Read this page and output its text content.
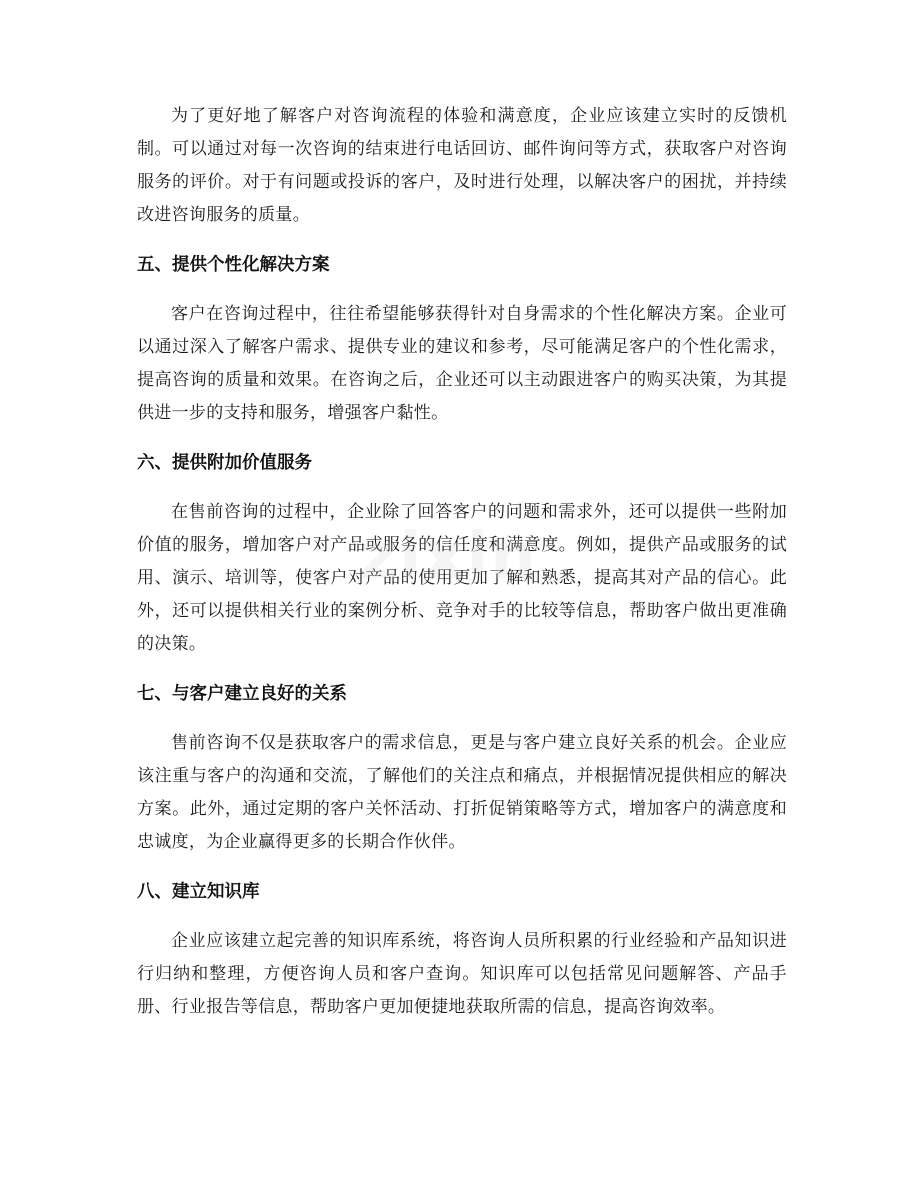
为了更好地了解客户对咨询流程的体验和满意度，企业应该建立实时的反馈机制。可以通过对每一次咨询的结束进行电话回访、邮件询问等方式，获取客户对咨询服务的评价。对于有问题或投诉的客户，及时进行处理，以解决客户的困扰，并持续改进咨询服务的质量。

五、提供个性化解决方案

客户在咨询过程中，往往希望能够获得针对自身需求的个性化解决方案。企业可以通过深入了解客户需求、提供专业的建议和参考，尽可能满足客户的个性化需求，提高咨询的质量和效果。在咨询之后，企业还可以主动跟进客户的购买决策，为其提供进一步的支持和服务，增强客户黏性。

六、提供附加价值服务

在售前咨询的过程中，企业除了回答客户的问题和需求外，还可以提供一些附加价值的服务，增加客户对产品或服务的信任度和满意度。例如，提供产品或服务的试用、演示、培训等，使客户对产品的使用更加了解和熟悉，提高其对产品的信心。此外，还可以提供相关行业的案例分析、竞争对手的比较等信息，帮助客户做出更准确的决策。

七、与客户建立良好的关系

售前咨询不仅是获取客户的需求信息，更是与客户建立良好关系的机会。企业应该注重与客户的沟通和交流，了解他们的关注点和痛点，并根据情况提供相应的解决方案。此外，通过定期的客户关怀活动、打折促销策略等方式，增加客户的满意度和忠诚度，为企业赢得更多的长期合作伙伴。

八、建立知识库

企业应该建立起完善的知识库系统，将咨询人员所积累的行业经验和产品知识进行归纳和整理，方便咨询人员和客户查询。知识库可以包括常见问题解答、产品手册、行业报告等信息，帮助客户更加便捷地获取所需的信息，提高咨询效率。

zixin
